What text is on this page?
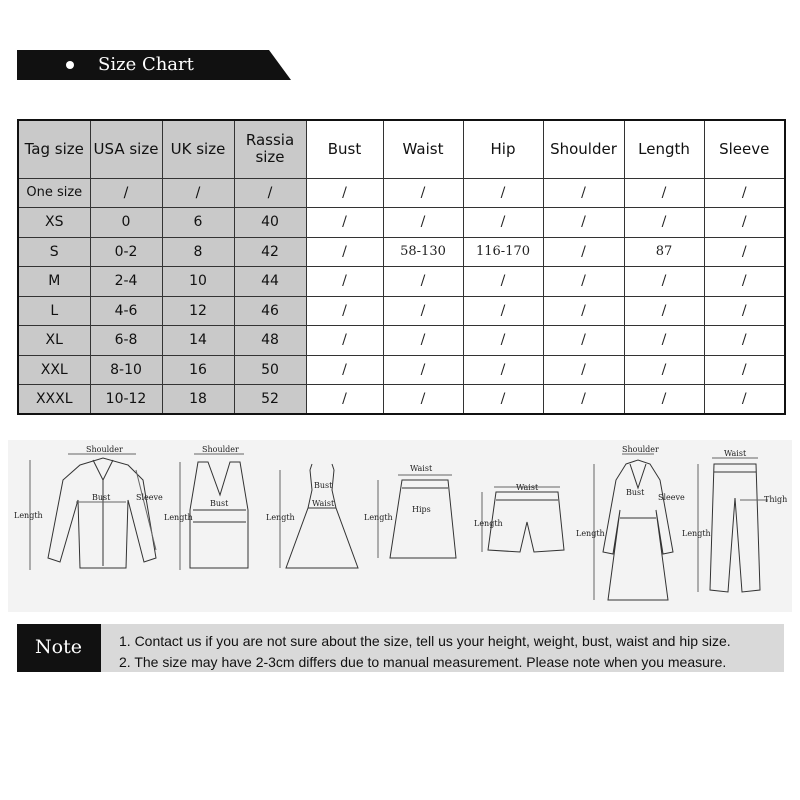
Size Chart
Tag size	USA size	UK size	Rassia size	Bust	Waist	Hip	Shoulder	Length	Sleeve
One size	/	/	/	/	/	/	/	/	/
XS	0	6	40	/	/	/	/	/	/
S	0-2	8	42	/	58-130	116-170	/	87	/
M	2-4	10	44	/	/	/	/	/	/
L	4-6	12	46	/	/	/	/	/	/
XL	6-8	14	48	/	/	/	/	/	/
XXL	8-10	16	50	/	/	/	/	/	/
XXXL	10-12	18	52	/	/	/	/	/	/
Shoulder
Bust
Length
Sleeve
Shoulder
Bust
Length
Bust
Waist
Length
Waist
Hips
Length
Waist
Length
Shoulder
Bust
Length
Sleeve
Waist
Thigh
Length
Note	1. Contact us if you are not sure about the size, tell us your height, weight, bust, waist and hip size.
2. The size may have 2-3cm differs due to manual measurement. Please note when you measure.
